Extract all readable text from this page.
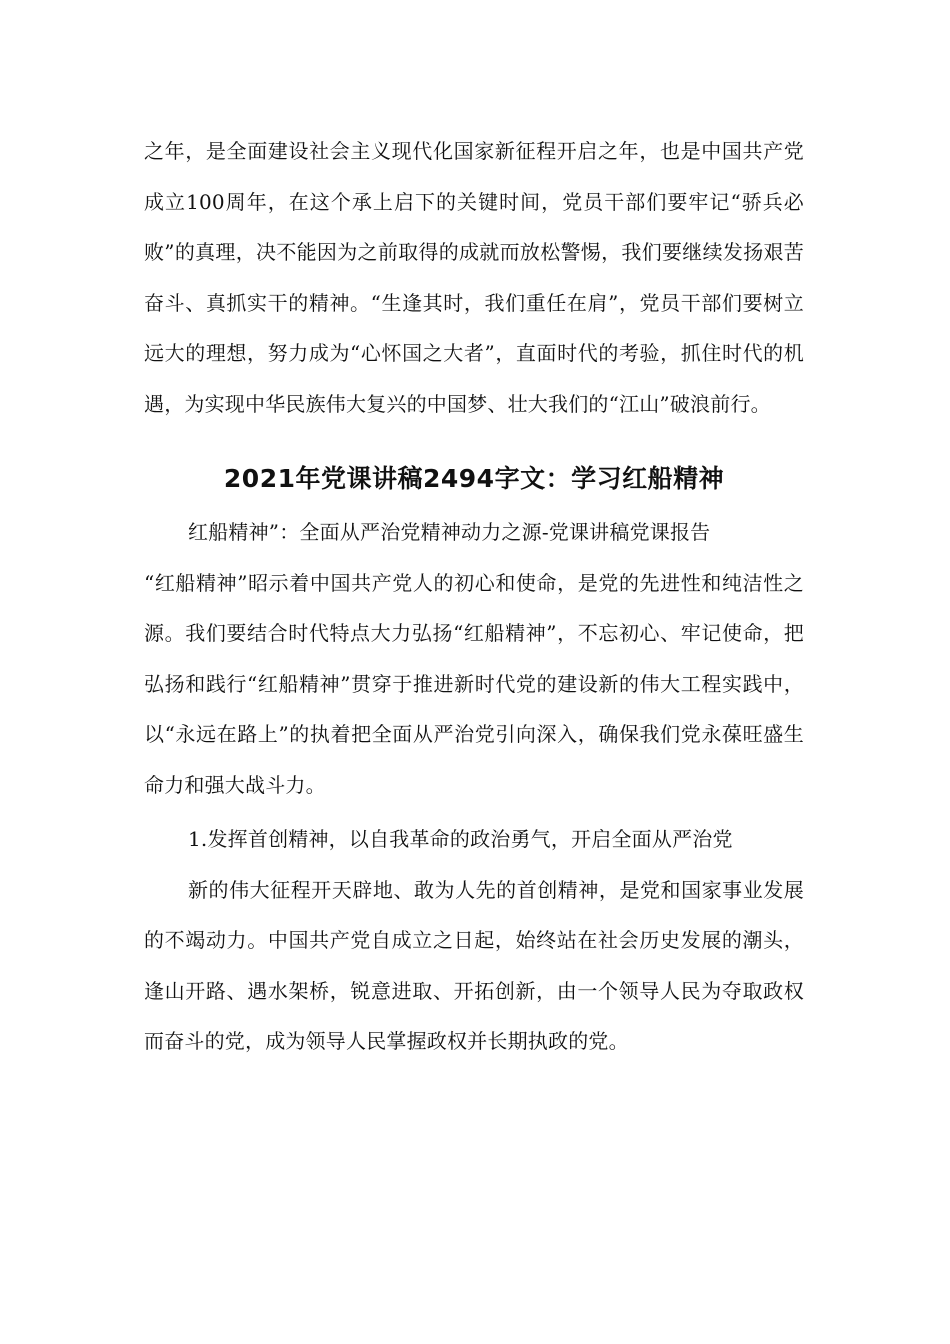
之年，是全面建设社会主义现代化国家新征程开启之年，也是中国共产党成立100周年，在这个承上启下的关键时间，党员干部们要牢记“骄兵必败”的真理，决不能因为之前取得的成就而放松警惕，我们要继续发扬艰苦奋斗、真抓实干的精神。“生逢其时，我们重任在肩”，党员干部们要树立远大的理想，努力成为“心怀国之大者”，直面时代的考验，抓住时代的机遇，为实现中华民族伟大复兴的中国梦、壮大我们的“江山”破浪前行。

2021年党课讲稿2494字文：学习红船精神

红船精神”：全面从严治党精神动力之源-党课讲稿党课报告

“红船精神”昭示着中国共产党人的初心和使命，是党的先进性和纯洁性之源。我们要结合时代特点大力弘扬“红船精神”，不忘初心、牢记使命，把弘扬和践行“红船精神”贯穿于推进新时代党的建设新的伟大工程实践中，以“永远在路上”的执着把全面从严治党引向深入，确保我们党永葆旺盛生命力和强大战斗力。

1.发挥首创精神，以自我革命的政治勇气，开启全面从严治党

新的伟大征程开天辟地、敢为人先的首创精神，是党和国家事业发展的不竭动力。中国共产党自成立之日起，始终站在社会历史发展的潮头，逢山开路、遇水架桥，锐意进取、开拓创新，由一个领导人民为夺取政权而奋斗的党，成为领导人民掌握政权并长期执政的党。
